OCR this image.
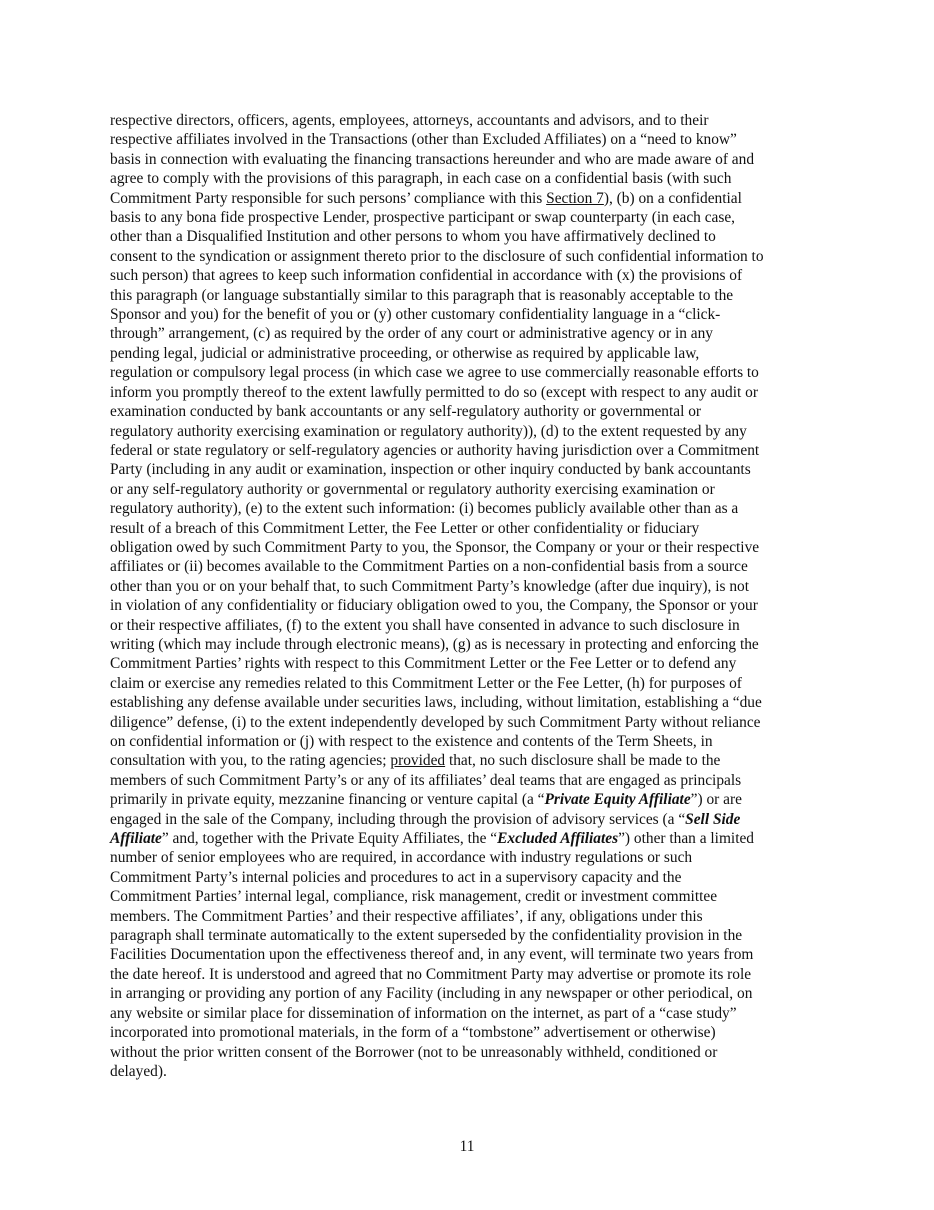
respective directors, officers, agents, employees, attorneys, accountants and advisors, and to their
respective affiliates involved in the Transactions (other than Excluded Affiliates) on a “need to know”
basis in connection with evaluating the financing transactions hereunder and who are made aware of and
agree to comply with the provisions of this paragraph, in each case on a confidential basis (with such
Commitment Party responsible for such persons’ compliance with this Section 7), (b) on a confidential
basis to any bona fide prospective Lender, prospective participant or swap counterparty (in each case,
other than a Disqualified Institution and other persons to whom you have affirmatively declined to
consent to the syndication or assignment thereto prior to the disclosure of such confidential information to
such person) that agrees to keep such information confidential in accordance with (x) the provisions of
this paragraph (or language substantially similar to this paragraph that is reasonably acceptable to the
Sponsor and you) for the benefit of you or (y) other customary confidentiality language in a “click-
through” arrangement, (c) as required by the order of any court or administrative agency or in any
pending legal, judicial or administrative proceeding, or otherwise as required by applicable law,
regulation or compulsory legal process (in which case we agree to use commercially reasonable efforts to
inform you promptly thereof to the extent lawfully permitted to do so (except with respect to any audit or
examination conducted by bank accountants or any self-regulatory authority or governmental or
regulatory authority exercising examination or regulatory authority)), (d) to the extent requested by any
federal or state regulatory or self-regulatory agencies or authority having jurisdiction over a Commitment
Party (including in any audit or examination, inspection or other inquiry conducted by bank accountants
or any self-regulatory authority or governmental or regulatory authority exercising examination or
regulatory authority), (e) to the extent such information: (i) becomes publicly available other than as a
result of a breach of this Commitment Letter, the Fee Letter or other confidentiality or fiduciary
obligation owed by such Commitment Party to you, the Sponsor, the Company or your or their respective
affiliates or (ii) becomes available to the Commitment Parties on a non-confidential basis from a source
other than you or on your behalf that, to such Commitment Party’s knowledge (after due inquiry), is not
in violation of any confidentiality or fiduciary obligation owed to you, the Company, the Sponsor or your
or their respective affiliates, (f) to the extent you shall have consented in advance to such disclosure in
writing (which may include through electronic means), (g) as is necessary in protecting and enforcing the
Commitment Parties’ rights with respect to this Commitment Letter or the Fee Letter or to defend any
claim or exercise any remedies related to this Commitment Letter or the Fee Letter, (h) for purposes of
establishing any defense available under securities laws, including, without limitation, establishing a “due
diligence” defense, (i) to the extent independently developed by such Commitment Party without reliance
on confidential information or (j) with respect to the existence and contents of the Term Sheets, in
consultation with you, to the rating agencies; provided that, no such disclosure shall be made to the
members of such Commitment Party’s or any of its affiliates’ deal teams that are engaged as principals
primarily in private equity, mezzanine financing or venture capital (a “Private Equity Affiliate”) or are
engaged in the sale of the Company, including through the provision of advisory services (a “Sell Side
Affiliate” and, together with the Private Equity Affiliates, the “Excluded Affiliates”) other than a limited
number of senior employees who are required, in accordance with industry regulations or such
Commitment Party’s internal policies and procedures to act in a supervisory capacity and the
Commitment Parties’ internal legal, compliance, risk management, credit or investment committee
members. The Commitment Parties’ and their respective affiliates’, if any, obligations under this
paragraph shall terminate automatically to the extent superseded by the confidentiality provision in the
Facilities Documentation upon the effectiveness thereof and, in any event, will terminate two years from
the date hereof. It is understood and agreed that no Commitment Party may advertise or promote its role
in arranging or providing any portion of any Facility (including in any newspaper or other periodical, on
any website or similar place for dissemination of information on the internet, as part of a “case study”
incorporated into promotional materials, in the form of a “tombstone” advertisement or otherwise)
without the prior written consent of the Borrower (not to be unreasonably withheld, conditioned or
delayed).
11
